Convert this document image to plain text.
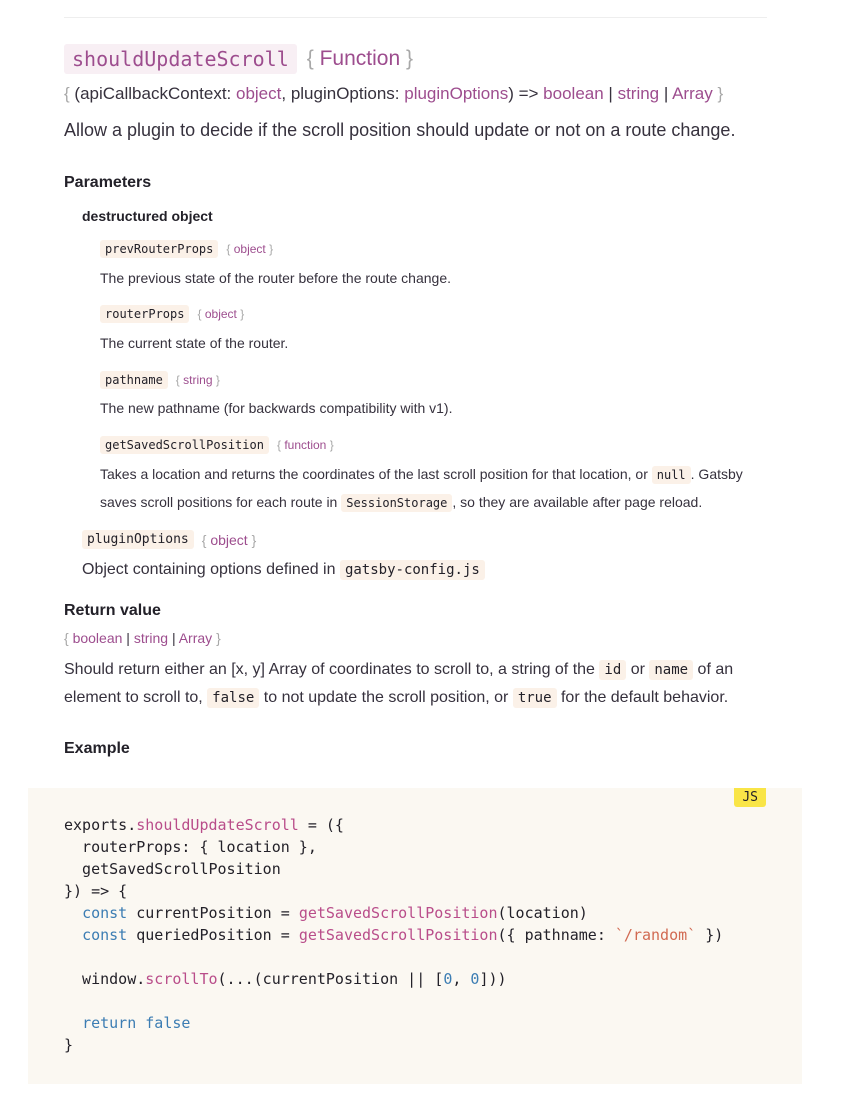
shouldUpdateScroll { Function }
{ (apiCallbackContext: object, pluginOptions: pluginOptions) => boolean | string | Array }
Allow a plugin to decide if the scroll position should update or not on a route change.
Parameters
destructured object
prevRouterProps	{ object }
The previous state of the router before the route change.
routerProps	{ object }
The current state of the router.
pathname	{ string }
The new pathname (for backwards compatibility with v1).
getSavedScrollPosition	{ function }
Takes a location and returns the coordinates of the last scroll position for that location, or null . Gatsby
saves scroll positions for each route in SessionStorage , so they are available after page reload.
pluginOptions { object }
Object containing options defined in gatsby-config.js
Return value
{ boolean | string | Array }
Should return either an [x, y] Array of coordinates to scroll to, a string of the id or name of an
element to scroll to, false to not update the scroll position, or true for the default behavior.
Example
JS
exports.shouldUpdateScroll = ({
routerProps: { location },
getSavedScrollPosition
}) => {
const currentPosition = getSavedScrollPosition(location)
const queriedPosition = getSavedScrollPosition({ pathname: `/random` })

window.scrollTo(...(currentPosition || [0, 0]))

return false
}
